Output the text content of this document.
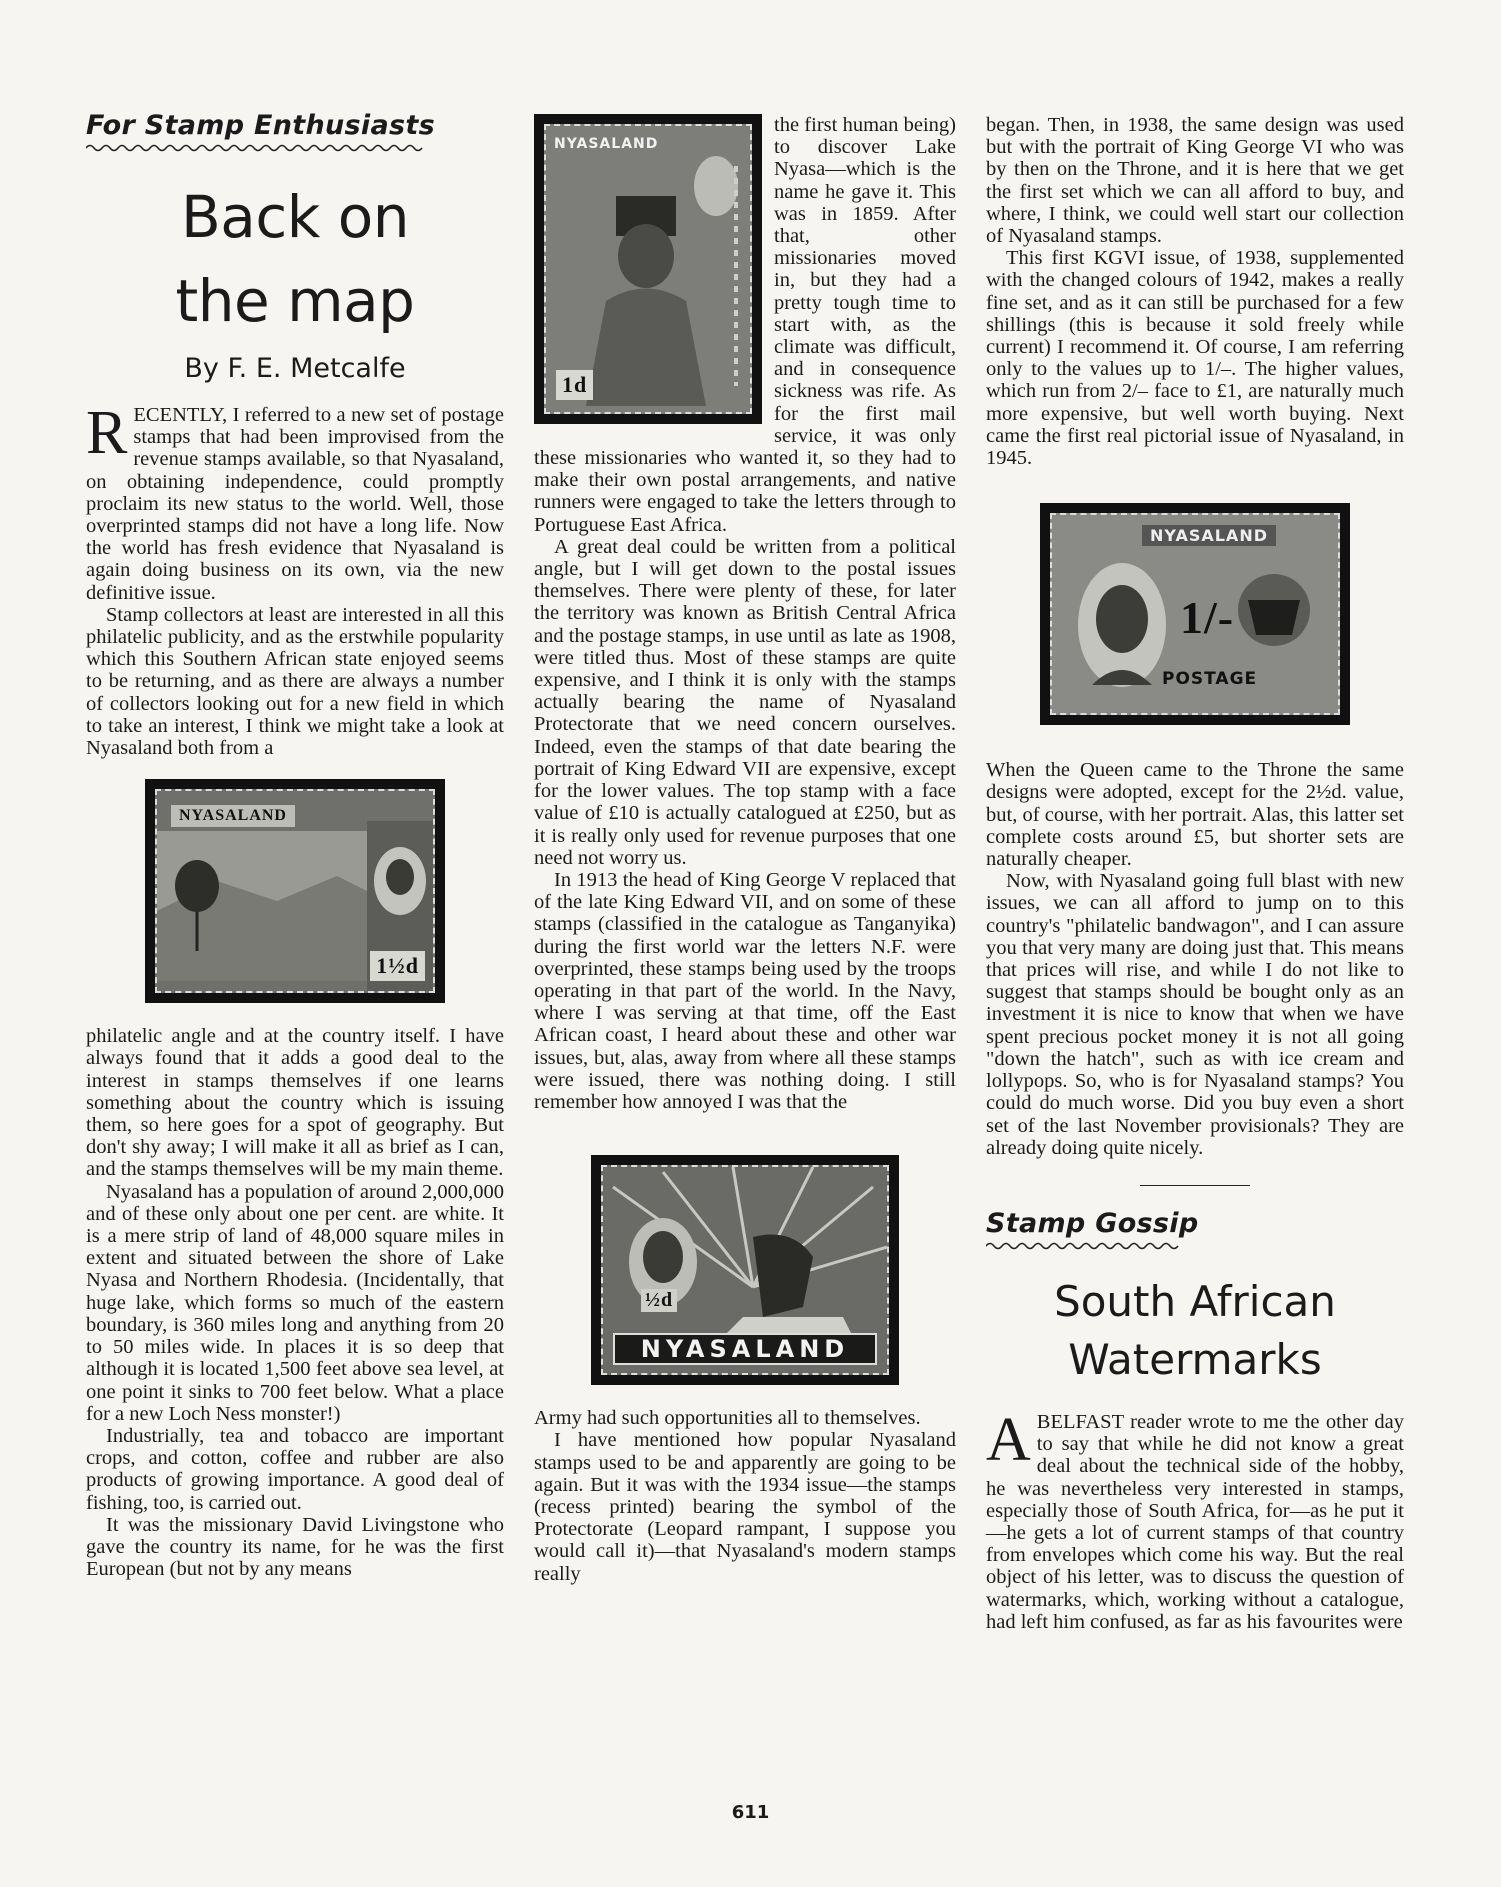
For Stamp Enthusiasts
Back on
the map
By F. E. Metcalfe

RECENTLY, I referred to a new set of postage stamps that had been improvised from the revenue stamps available, so that Nyasaland, on obtaining independence, could promptly proclaim its new status to the world. Well, those overprinted stamps did not have a long life. Now the world has fresh evidence that Nyasaland is again doing business on its own, via the new definitive issue.

Stamp collectors at least are interested in all this philatelic publicity, and as the erstwhile popularity which this Southern African state enjoyed seems to be returning, and as there are always a number of collectors looking out for a new field in which to take an interest, I think we might take a look at Nyasaland both from a

NYASALAND
1½d

philatelic angle and at the country itself. I have always found that it adds a good deal to the interest in stamps themselves if one learns something about the country which is issuing them, so here goes for a spot of geography. But don't shy away; I will make it all as brief as I can, and the stamps themselves will be my main theme.

Nyasaland has a population of around 2,000,000 and of these only about one per cent. are white. It is a mere strip of land of 48,000 square miles in extent and situated between the shore of Lake Nyasa and Northern Rhodesia. (Incidentally, that huge lake, which forms so much of the eastern boundary, is 360 miles long and anything from 20 to 50 miles wide. In places it is so deep that although it is located 1,500 feet above sea level, at one point it sinks to 700 feet below. What a place for a new Loch Ness monster!)

Industrially, tea and tobacco are important crops, and cotton, coffee and rubber are also products of growing importance. A good deal of fishing, too, is carried out.

It was the missionary David Livingstone who gave the country its name, for he was the first European (but not by any means

NYASALAND
1d

the first human being) to discover Lake Nyasa—which is the name he gave it. This was in 1859. After that, other missionaries moved in, but they had a pretty tough time to start with, as the climate was difficult, and in consequence sickness was rife. As for the first mail service, it was only these missionaries who wanted it, so they had to make their own postal arrangements, and native runners were engaged to take the letters through to Portuguese East Africa.

A great deal could be written from a political angle, but I will get down to the postal issues themselves. There were plenty of these, for later the territory was known as British Central Africa and the postage stamps, in use until as late as 1908, were titled thus. Most of these stamps are quite expensive, and I think it is only with the stamps actually bearing the name of Nyasaland Protectorate that we need concern ourselves. Indeed, even the stamps of that date bearing the portrait of King Edward VII are expensive, except for the lower values. The top stamp with a face value of £10 is actually catalogued at £250, but as it is really only used for revenue purposes that one need not worry us.

In 1913 the head of King George V replaced that of the late King Edward VII, and on some of these stamps (classified in the catalogue as Tanganyika) during the first world war the letters N.F. were overprinted, these stamps being used by the troops operating in that part of the world. In the Navy, where I was serving at that time, off the East African coast, I heard about these and other war issues, but, alas, away from where all these stamps were issued, there was nothing doing. I still remember how annoyed I was that the

½d
NYASALAND

Army had such opportunities all to themselves.

I have mentioned how popular Nyasaland stamps used to be and apparently are going to be again. But it was with the 1934 issue—the stamps (recess printed) bearing the symbol of the Protectorate (Leopard rampant, I suppose you would call it)—that Nyasaland's modern stamps really

began. Then, in 1938, the same design was used but with the portrait of King George VI who was by then on the Throne, and it is here that we get the first set which we can all afford to buy, and where, I think, we could well start our collection of Nyasaland stamps.

This first KGVI issue, of 1938, supplemented with the changed colours of 1942, makes a really fine set, and as it can still be purchased for a few shillings (this is because it sold freely while current) I recommend it. Of course, I am referring only to the values up to 1/–. The higher values, which run from 2/– face to £1, are naturally much more expensive, but well worth buying. Next came the first real pictorial issue of Nyasaland, in 1945.

NYASALAND
1/-
POSTAGE

When the Queen came to the Throne the same designs were adopted, except for the 2½d. value, but, of course, with her portrait. Alas, this latter set complete costs around £5, but shorter sets are naturally cheaper.

Now, with Nyasaland going full blast with new issues, we can all afford to jump on to this country's "philatelic bandwagon", and I can assure you that very many are doing just that. This means that prices will rise, and while I do not like to suggest that stamps should be bought only as an investment it is nice to know that when we have spent precious pocket money it is not all going "down the hatch", such as with ice cream and lollypops. So, who is for Nyasaland stamps? You could do much worse. Did you buy even a short set of the last November provisionals? They are already doing quite nicely.

Stamp Gossip
South African
Watermarks

ABELFAST reader wrote to me the other day to say that while he did not know a great deal about the technical side of the hobby, he was nevertheless very interested in stamps, especially those of South Africa, for—as he put it—he gets a lot of current stamps of that country from envelopes which come his way. But the real object of his letter, was to discuss the question of watermarks, which, working without a catalogue, had left him confused, as far as his favourites were

611
